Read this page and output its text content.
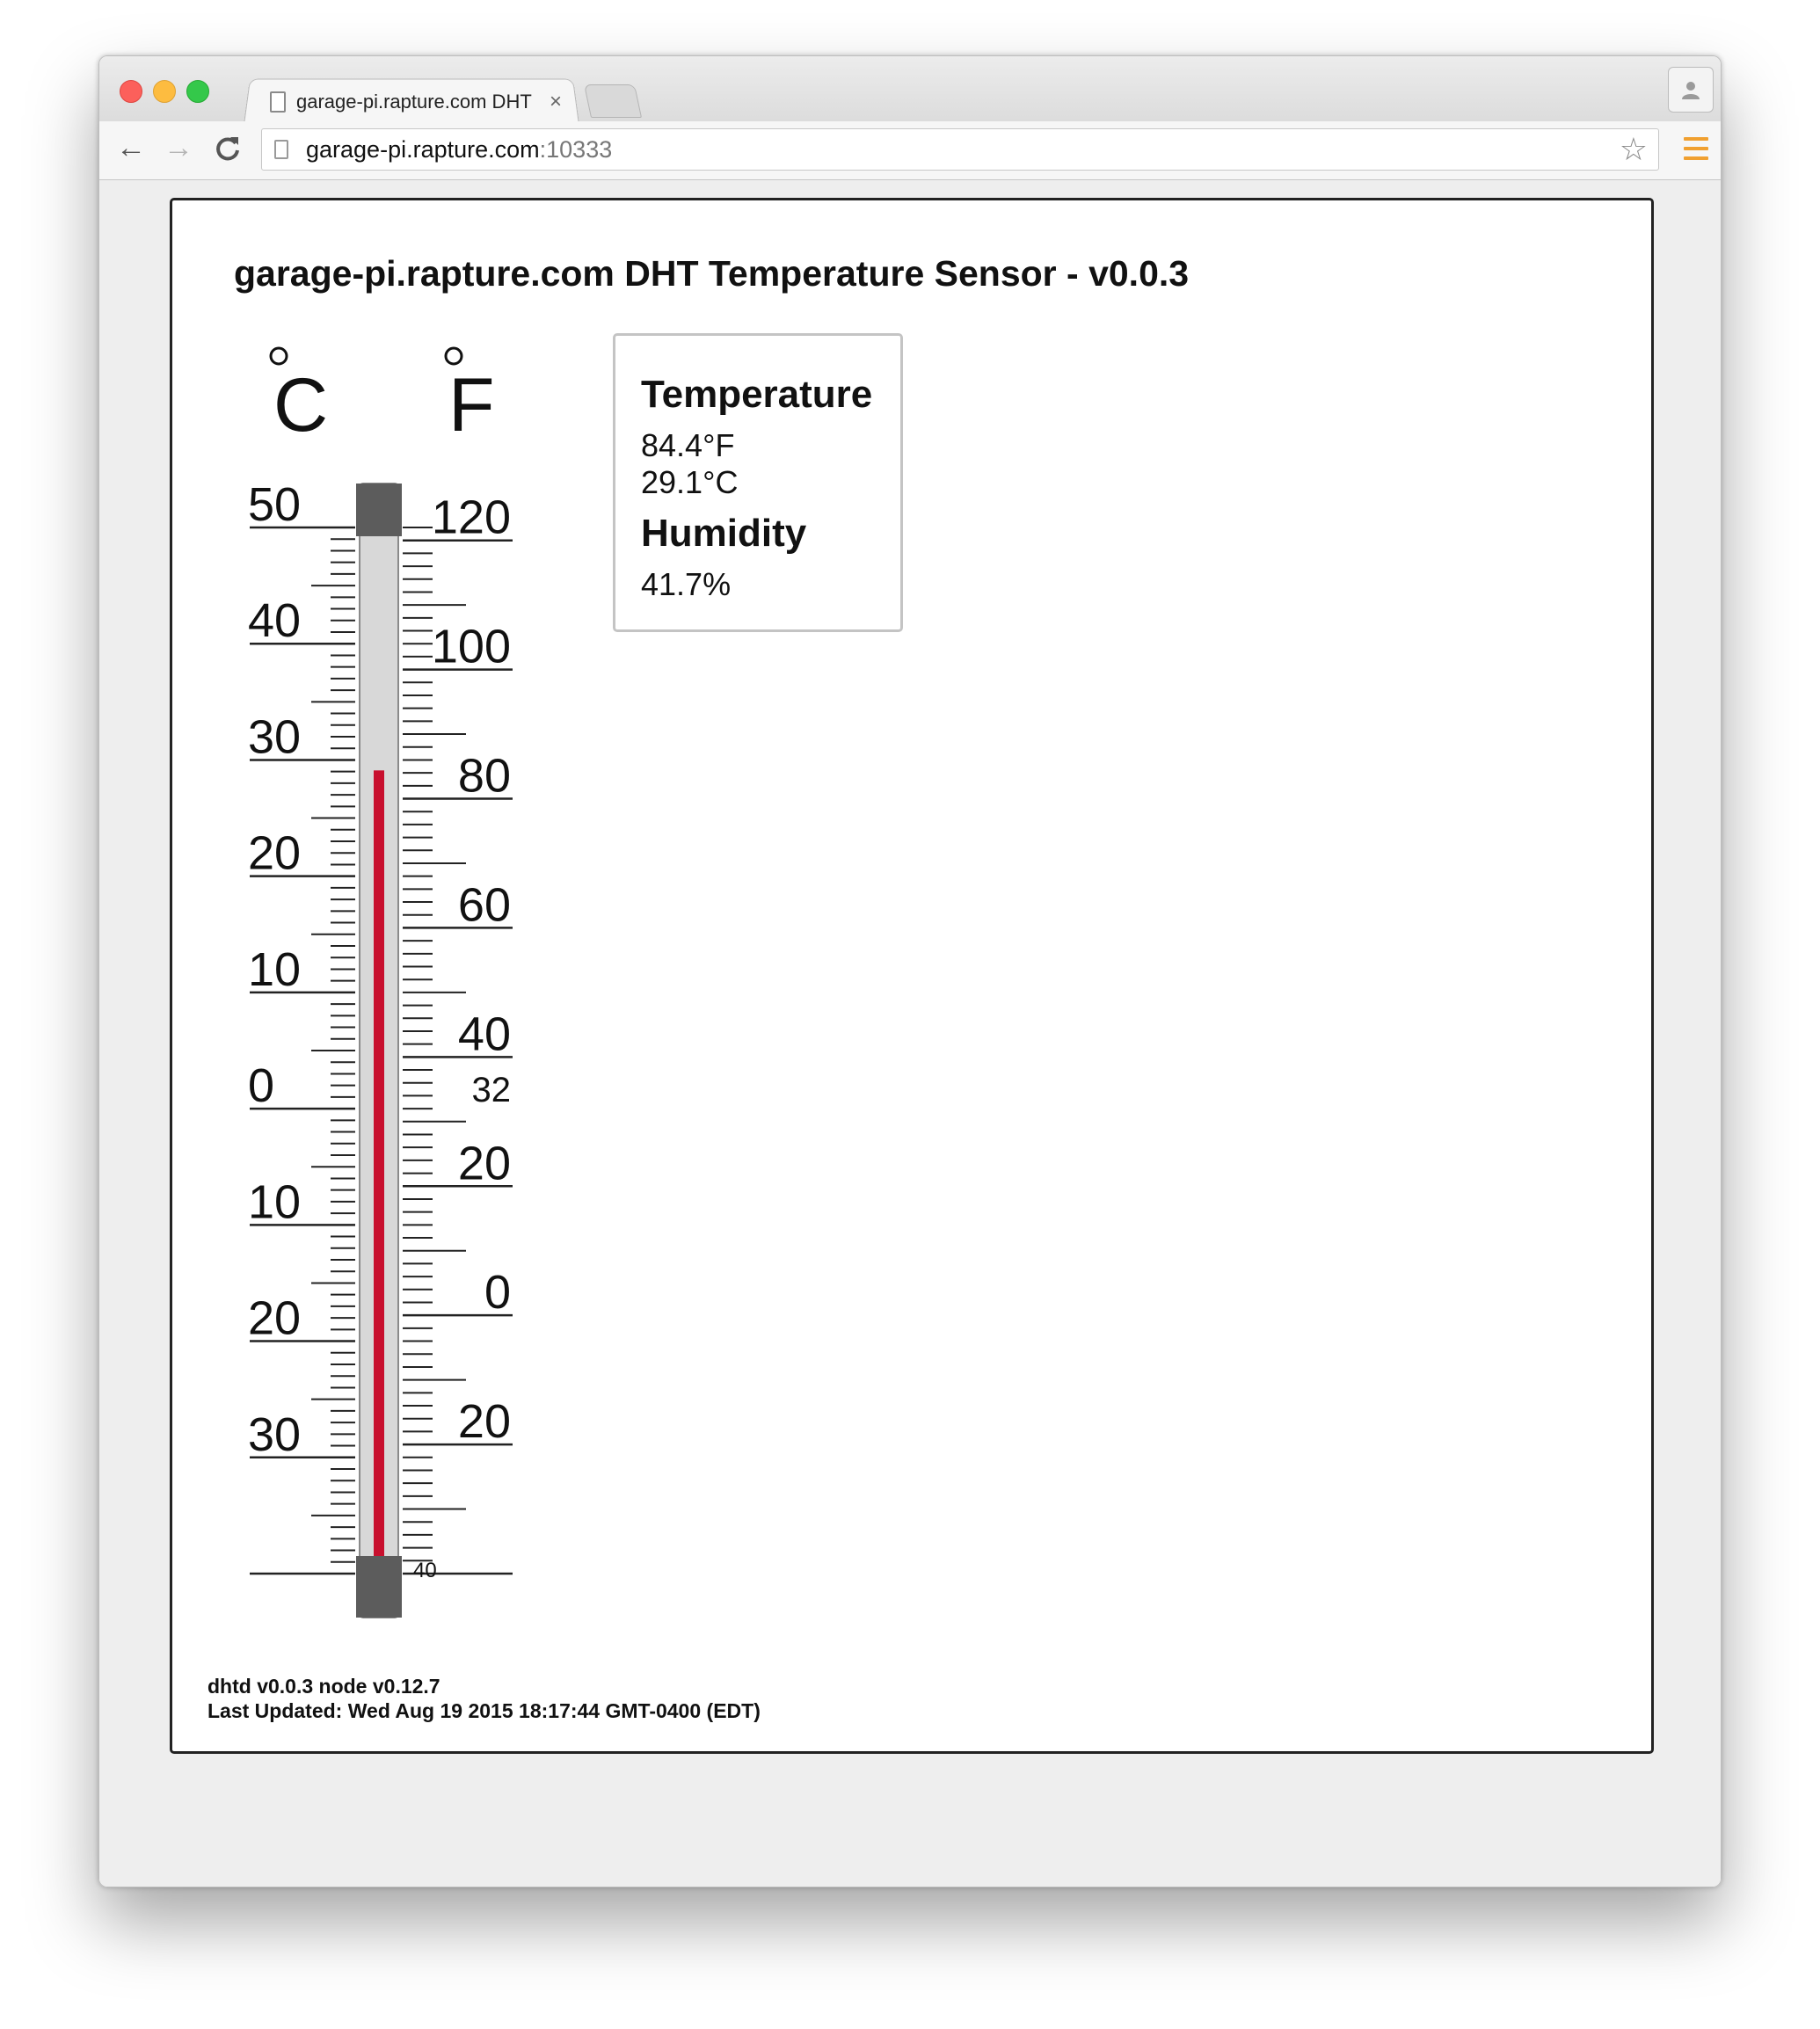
garage-pi.rapture.com DHT ×
← →	garage-pi.rapture.com :10333	☆
garage-pi.rapture.com DHT Temperature Sensor - v0.0.3
C F
50
40
30
20
10
0
10
20
30
120
100
80
60
40
32
20
0
20
40
Temperature
84.4°F
29.1°C
Humidity
41.7%
dhtd v0.0.3 node v0.12.7
Last Updated: Wed Aug 19 2015 18:17:44 GMT-0400 (EDT)
